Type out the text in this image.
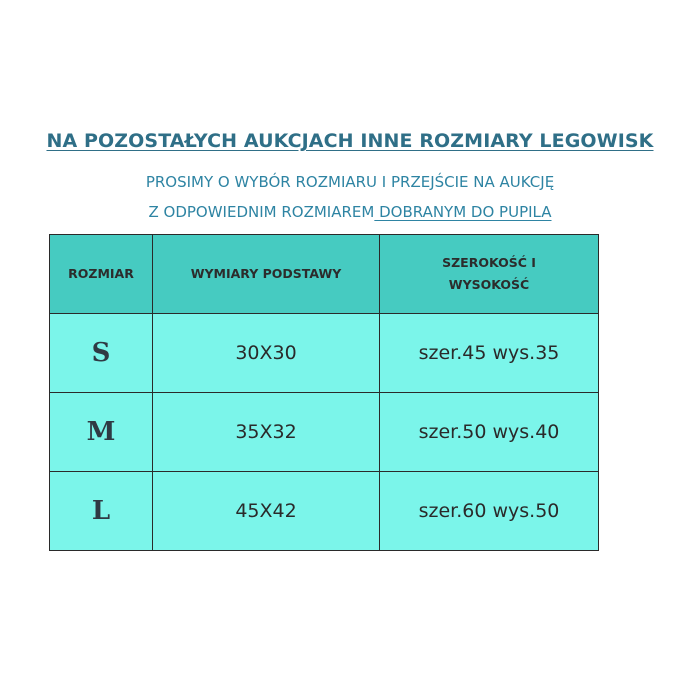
NA POZOSTAŁYCH AUKCJACH INNE ROZMIARY LEGOWISK
PROSIMY O WYBÓR ROZMIARU I PRZEJŚCIE NA AUKCJĘ
Z ODPOWIEDNIM ROZMIAREM DOBRANYM DO PUPILA
ROZMIAR	WYMIARY PODSTAWY	SZEROKOŚĆ I
WYSOKOŚĆ
S	30X30	szer.45 wys.35
M	35X32	szer.50 wys.40
L	45X42	szer.60 wys.50
